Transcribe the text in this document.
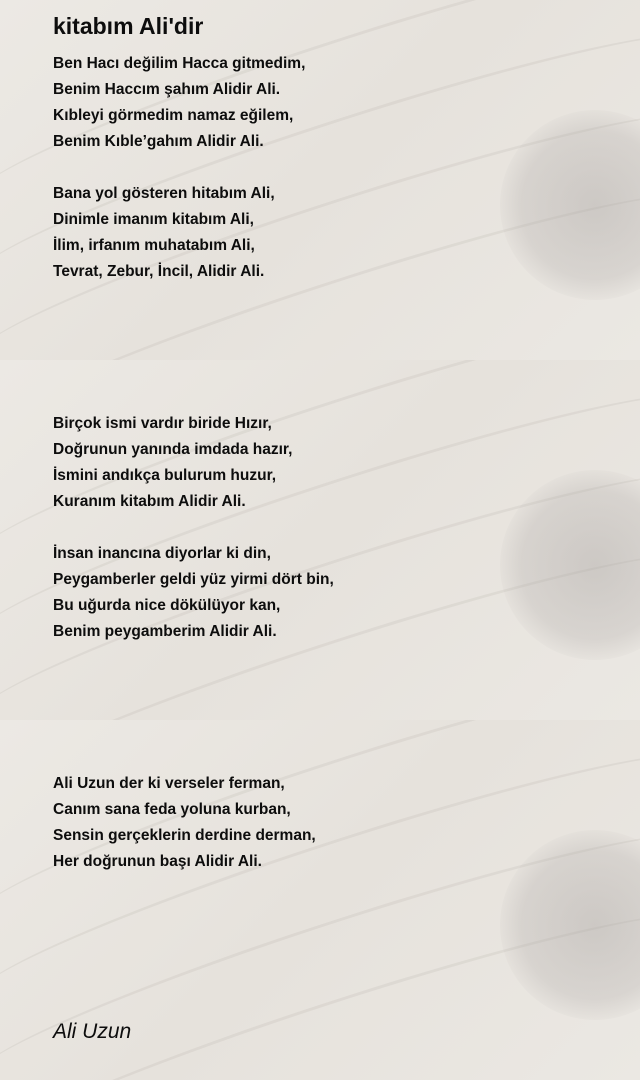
kitabım Ali'dir
Ben Hacı değilim Hacca gitmedim,
Benim Haccım şahım Alidir Ali.
Kıbleyi görmedim namaz eğilem,
Benim Kıble’gahım Alidir Ali.
Bana yol gösteren hitabım Ali,
Dinimle imanım kitabım Ali,
İlim, irfanım muhatabım Ali,
Tevrat, Zebur, İncil, Alidir Ali.
Birçok ismi vardır biride Hızır,
Doğrunun yanında imdada hazır,
İsmini andıkça bulurum huzur,
Kuranım kitabım Alidir Ali.
İnsan inancına diyorlar ki din,
Peygamberler geldi yüz yirmi dört bin,
Bu uğurda nice dökülüyor kan,
Benim peygamberim Alidir Ali.
Ali Uzun der ki verseler ferman,
Canım sana feda yoluna kurban,
Sensin gerçeklerin derdine derman,
Her doğrunun başı Alidir Ali.

Ali Uzun
